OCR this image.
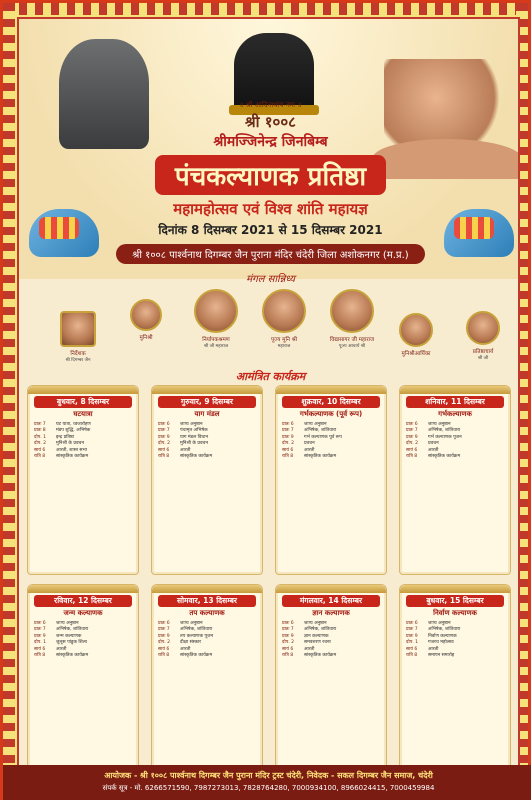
॥ श्री आदिनाथाय नमः ॥
श्री १००८
श्रीमज्जिनेन्द्र जिनबिम्ब
पंचकल्याणक प्रतिष्ठा
महामहोत्सव एवं विश्व शांति महायज्ञ
दिनांक 8 दिसम्बर 2021 से 15 दिसम्बर 2021
श्री १००८ पार्श्वनाथ दिगम्बर जैन पुराना मंदिर चंदेरी जिला अशोकनगर (म.प्र.)
मंगल सान्निध्य
निर्देशक
श्री दिगम्बर जैन
मुनिश्री	निर्यापकश्रमण
श्री जी महाराज
पूज्य मुनि श्री
महाराज
विद्यासागर जी महाराज
पूज्य आचार्य श्री
मुनिश्रीआर्यिका	प्रतिष्ठाचार्य
श्री जी
आमंत्रित कार्यक्रम
बुधवार, 8 दिसम्बर
घटयात्रा
प्रातः 7	घट यात्रा, ध्वजारोहण
प्रातः 8	मंडप शुद्धि, अभिषेक
दोप. 1	इन्द्र प्रतिष्ठा
दोप. 2	मुनिश्री के प्रवचन
सायं 6	आरती, शास्त्र सभा
रात्रि 8	सांस्कृतिक कार्यक्रम
गुरुवार, 9 दिसम्बर
याग मंडल
प्रातः 6	जाप्य अनुष्ठान
प्रातः 7	पंचामृत अभिषेक
प्रातः 9	याग मंडल विधान
दोप. 2	मुनिश्री के प्रवचन
सायं 6	आरती
रात्रि 8	सांस्कृतिक कार्यक्रम
शुक्रवार, 10 दिसम्बर
गर्भकल्याणक (पूर्व रूप)
प्रातः 6	जाप्य अनुष्ठान
प्रातः 7	अभिषेक, शांतिधारा
प्रातः 9	गर्भ कल्याणक पूर्व रूप
दोप. 2	प्रवचन
सायं 6	आरती
रात्रि 8	सांस्कृतिक कार्यक्रम
शनिवार, 11 दिसम्बर
गर्भकल्याणक
प्रातः 6	जाप्य अनुष्ठान
प्रातः 7	अभिषेक, शांतिधारा
प्रातः 9	गर्भ कल्याणक पूजन
दोप. 2	प्रवचन
सायं 6	आरती
रात्रि 8	सांस्कृतिक कार्यक्रम
रविवार, 12 दिसम्बर
जन्म कल्याणक
प्रातः 6	जाप्य अनुष्ठान
प्रातः 7	अभिषेक, शांतिधारा
प्रातः 9	जन्म कल्याणक
दोप. 1	जुलूस पांडुक शिला
सायं 6	आरती
रात्रि 8	सांस्कृतिक कार्यक्रम
सोमवार, 13 दिसम्बर
तप कल्याणक
प्रातः 6	जाप्य अनुष्ठान
प्रातः 7	अभिषेक, शांतिधारा
प्रातः 9	तप कल्याणक पूजन
दोप. 2	दीक्षा संस्कार
सायं 6	आरती
रात्रि 8	सांस्कृतिक कार्यक्रम
मंगलवार, 14 दिसम्बर
ज्ञान कल्याणक
प्रातः 6	जाप्य अनुष्ठान
प्रातः 7	अभिषेक, शांतिधारा
प्रातः 9	ज्ञान कल्याणक
दोप. 2	समवशरण रचना
सायं 6	आरती
रात्रि 8	सांस्कृतिक कार्यक्रम
बुधवार, 15 दिसम्बर
निर्वाण कल्याणक
प्रातः 6	जाप्य अनुष्ठान
प्रातः 7	अभिषेक, शांतिधारा
प्रातः 9	निर्वाण कल्याणक
दोप. 1	गजरथ महोत्सव
सायं 6	आरती
रात्रि 8	समापन समारोह
आयोजक - श्री १००८ पार्श्वनाथ दिगम्बर जैन पुराना मंदिर ट्रस्ट चंदेरी, निवेदक - सकल दिगम्बर जैन समाज, चंदेरी
संपर्क सूत्र - मो. 6266571590, 7987273013, 7828764280, 7000934100, 8966024415, 7000459984
